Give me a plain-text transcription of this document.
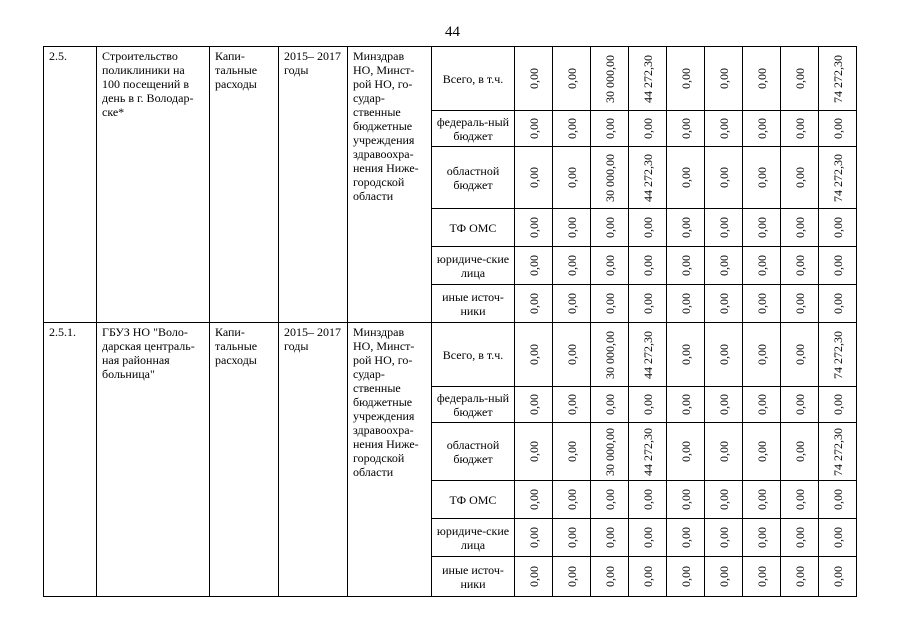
44
2.5.	Строительство поликлиники на 100 посещений в день в г. Володар-ске*	Капи-тальные расходы	2015– 2017 годы	Минздрав НО, Минст-рой НО, го-судар-ственные бюджетные учреждения здравоохра-нения Ниже-городской области	Всего, в т.ч.	0,00	0,00	30 000,00	44 272,30	0,00	0,00	0,00	0,00	74 272,30

					федераль-ный бюджет	0,00	0,00	0,00	0,00	0,00	0,00	0,00	0,00	0,00

					областной бюджет	0,00	0,00	30 000,00	44 272,30	0,00	0,00	0,00	0,00	74 272,30

					ТФ ОМС	0,00	0,00	0,00	0,00	0,00	0,00	0,00	0,00	0,00

					юридиче-ские лица	0,00	0,00	0,00	0,00	0,00	0,00	0,00	0,00	0,00

					иные источ-ники	0,00	0,00	0,00	0,00	0,00	0,00	0,00	0,00	0,00

2.5.1.	ГБУЗ НО "Воло-дарская централь-ная районная больница"	Капи-тальные расходы	2015– 2017 годы	Минздрав НО, Минст-рой НО, го-судар-ственные бюджетные учреждения здравоохра-нения Ниже-городской области	Всего, в т.ч.	0,00	0,00	30 000,00	44 272,30	0,00	0,00	0,00	0,00	74 272,30

					федераль-ный бюджет	0,00	0,00	0,00	0,00	0,00	0,00	0,00	0,00	0,00

					областной бюджет	0,00	0,00	30 000,00	44 272,30	0,00	0,00	0,00	0,00	74 272,30

					ТФ ОМС	0,00	0,00	0,00	0,00	0,00	0,00	0,00	0,00	0,00

					юридиче-ские лица	0,00	0,00	0,00	0,00	0,00	0,00	0,00	0,00	0,00

					иные источ-ники	0,00	0,00	0,00	0,00	0,00	0,00	0,00	0,00	0,00
